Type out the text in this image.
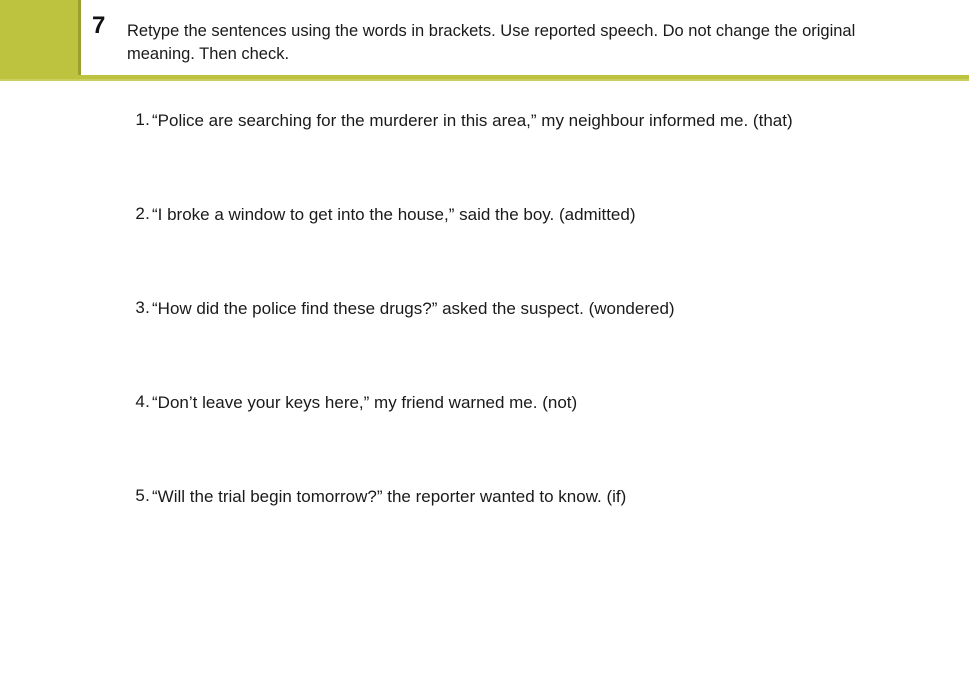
7 Retype the sentences using the words in brackets. Use reported speech. Do not change the original meaning. Then check.
1. “Police are searching for the murderer in this area,” my neighbour informed me. (that)
2. “I broke a window to get into the house,” said the boy. (admitted)
3. “How did the police find these drugs?” asked the suspect. (wondered)
4. “Don’t leave your keys here,” my friend warned me. (not)
5. “Will the trial begin tomorrow?” the reporter wanted to know. (if)
